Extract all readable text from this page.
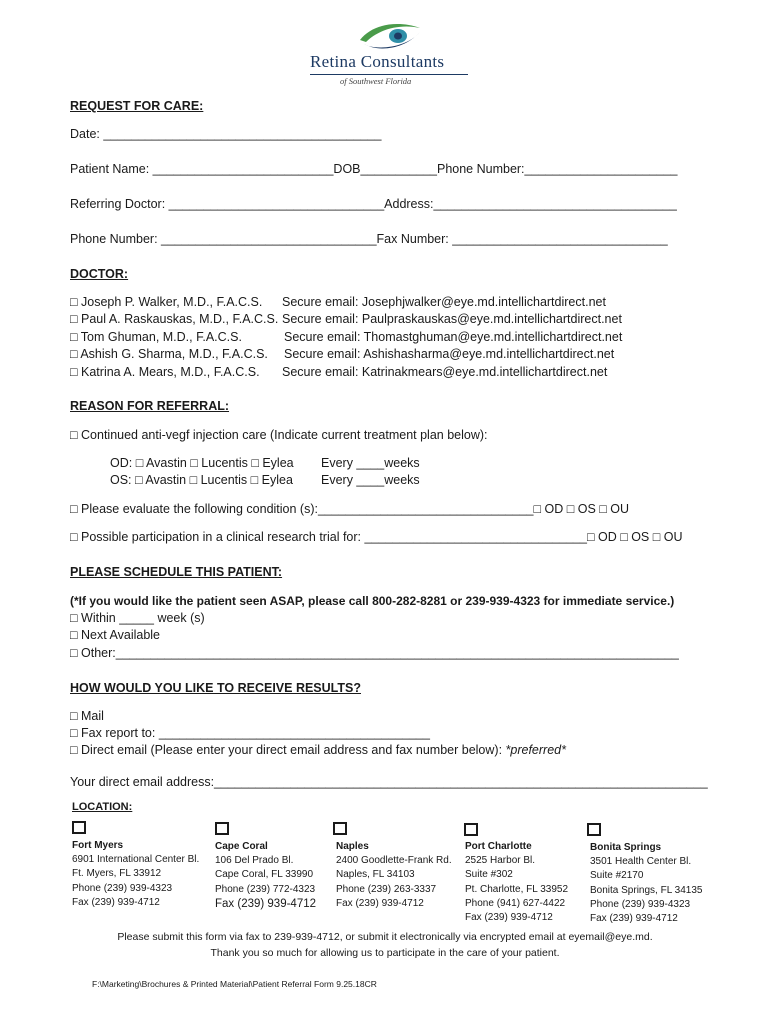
Retina Consultants
of Southwest Florida
REQUEST FOR CARE:
Date: ________________________________________
Patient Name: __________________________DOB___________Phone Number:______________________
Referring Doctor: _______________________________Address:___________________________________
Phone Number: _______________________________Fax Number: _______________________________
DOCTOR:
□ Joseph P. Walker, M.D., F.A.C.S. Secure email: Josephjwalker@eye.md.intellichartdirect.net
□ Paul A. Raskauskas, M.D., F.A.C.S. Secure email: Paulpraskauskas@eye.md.intellichartdirect.net
□ Tom Ghuman, M.D., F.A.C.S.	Secure email: Thomastghuman@eye.md.intellichartdirect.net
□ Ashish G. Sharma, M.D., F.A.C.S. Secure email: Ashishasharma@eye.md.intellichartdirect.net
□ Katrina A. Mears, M.D., F.A.C.S. Secure email: Katrinakmears@eye.md.intellichartdirect.net
REASON FOR REFERRAL:
□ Continued anti-vegf injection care (Indicate current treatment plan below):
OD: □ Avastin □ Lucentis □ Eylea Every ____weeks
OS: □ Avastin □ Lucentis □ Eylea Every ____weeks
□ Please evaluate the following condition (s):_______________________________□ OD □ OS □ OU
□ Possible participation in a clinical research trial for: ________________________________□ OD □ OS □ OU
PLEASE SCHEDULE THIS PATIENT:
(*If you would like the patient seen ASAP, please call 800-282-8281 or 239-939-4323 for immediate service.)
□ Within _____ week (s)
□ Next Available
□ Other:_________________________________________________________________________________
HOW WOULD YOU LIKE TO RECEIVE RESULTS?
□ Mail
□ Fax report to: _______________________________________
□ Direct email (Please enter your direct email address and fax number below): *preferred*
Your direct email address:_______________________________________________________________________
LOCATION:
Fort Myers
6901 International Center Bl.
Ft. Myers, FL 33912
Phone (239) 939-4323
Fax (239) 939-4712
Cape Coral
106 Del Prado Bl.
Cape Coral, FL 33990
Phone (239) 772-4323
Fax (239) 939-4712
Naples
2400 Goodlette-Frank Rd.
Naples, FL 34103
Phone (239) 263-3337
Fax (239) 939-4712
Port Charlotte
2525 Harbor Bl.
Suite #302
Pt. Charlotte, FL 33952
Phone (941) 627-4422
Fax (239) 939-4712
Bonita Springs
3501 Health Center Bl.
Suite #2170
Bonita Springs, FL 34135
Phone (239) 939-4323
Fax (239) 939-4712
Please submit this form via fax to 239-939-4712, or submit it electronically via encrypted email at eyemail@eye.md.
Thank you so much for allowing us to participate in the care of your patient.
F:\Marketing\Brochures & Printed Material\Patient Referral Form 9.25.18CR
